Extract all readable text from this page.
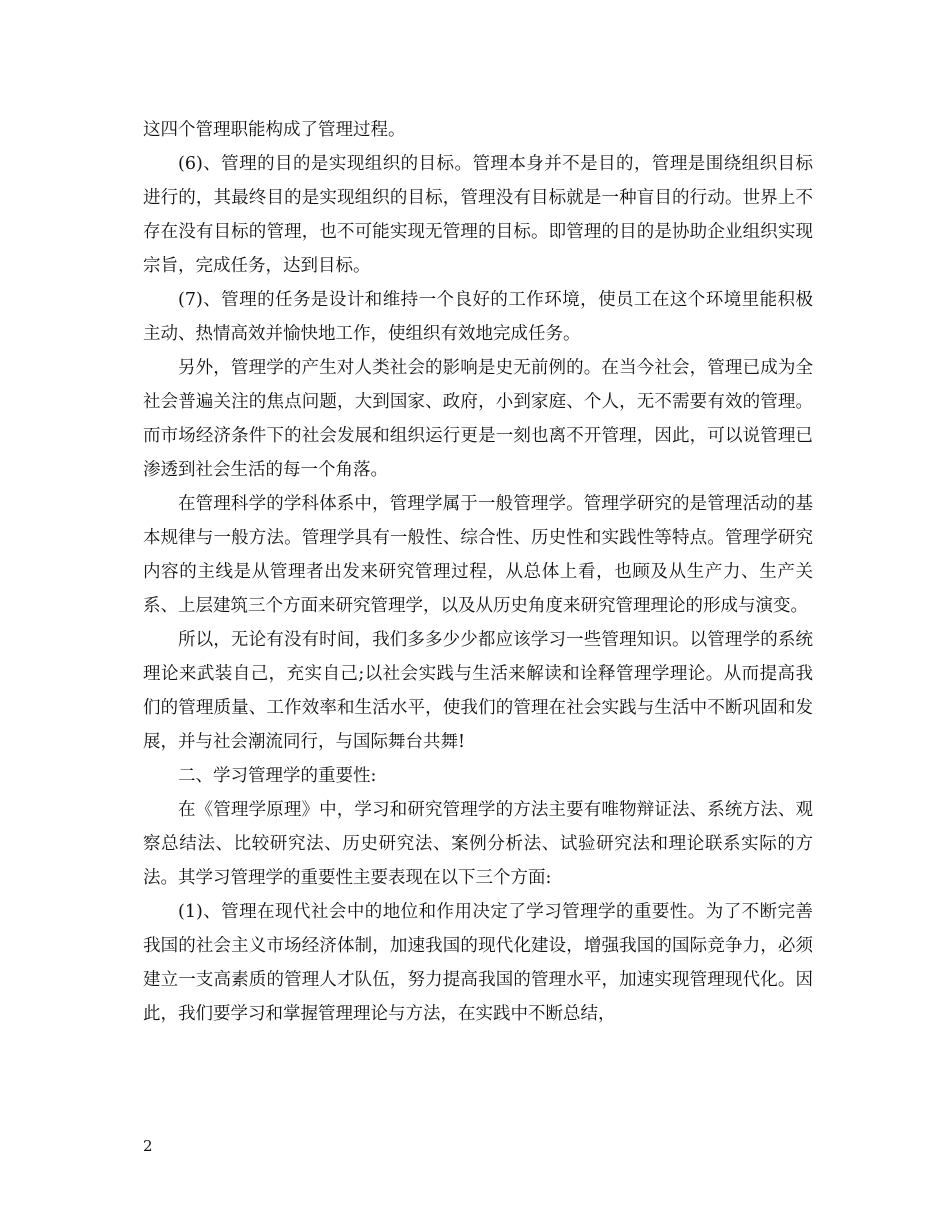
这四个管理职能构成了管理过程。

(6)、管理的目的是实现组织的目标。管理本身并不是目的，管理是围绕组织目标进行的，其最终目的是实现组织的目标，管理没有目标就是一种盲目的行动。世界上不存在没有目标的管理，也不可能实现无管理的目标。即管理的目的是协助企业组织实现宗旨，完成任务，达到目标。

(7)、管理的任务是设计和维持一个良好的工作环境，使员工在这个环境里能积极主动、热情高效并愉快地工作，使组织有效地完成任务。

另外，管理学的产生对人类社会的影响是史无前例的。在当今社会，管理已成为全社会普遍关注的焦点问题，大到国家、政府，小到家庭、个人，无不需要有效的管理。而市场经济条件下的社会发展和组织运行更是一刻也离不开管理，因此，可以说管理已渗透到社会生活的每一个角落。

在管理科学的学科体系中，管理学属于一般管理学。管理学研究的是管理活动的基本规律与一般方法。管理学具有一般性、综合性、历史性和实践性等特点。管理学研究内容的主线是从管理者出发来研究管理过程，从总体上看，也顾及从生产力、生产关系、上层建筑三个方面来研究管理学，以及从历史角度来研究管理理论的形成与演变。

所以，无论有没有时间，我们多多少少都应该学习一些管理知识。以管理学的系统理论来武装自己，充实自己;以社会实践与生活来解读和诠释管理学理论。从而提高我们的管理质量、工作效率和生活水平，使我们的管理在社会实践与生活中不断巩固和发展，并与社会潮流同行，与国际舞台共舞!

二、学习管理学的重要性:

在《管理学原理》中，学习和研究管理学的方法主要有唯物辩证法、系统方法、观察总结法、比较研究法、历史研究法、案例分析法、试验研究法和理论联系实际的方法。其学习管理学的重要性主要表现在以下三个方面:

(1)、管理在现代社会中的地位和作用决定了学习管理学的重要性。为了不断完善我国的社会主义市场经济体制，加速我国的现代化建设，增强我国的国际竞争力，必须建立一支高素质的管理人才队伍，努力提高我国的管理水平，加速实现管理现代化。因此，我们要学习和掌握管理理论与方法，在实践中不断总结，

2
